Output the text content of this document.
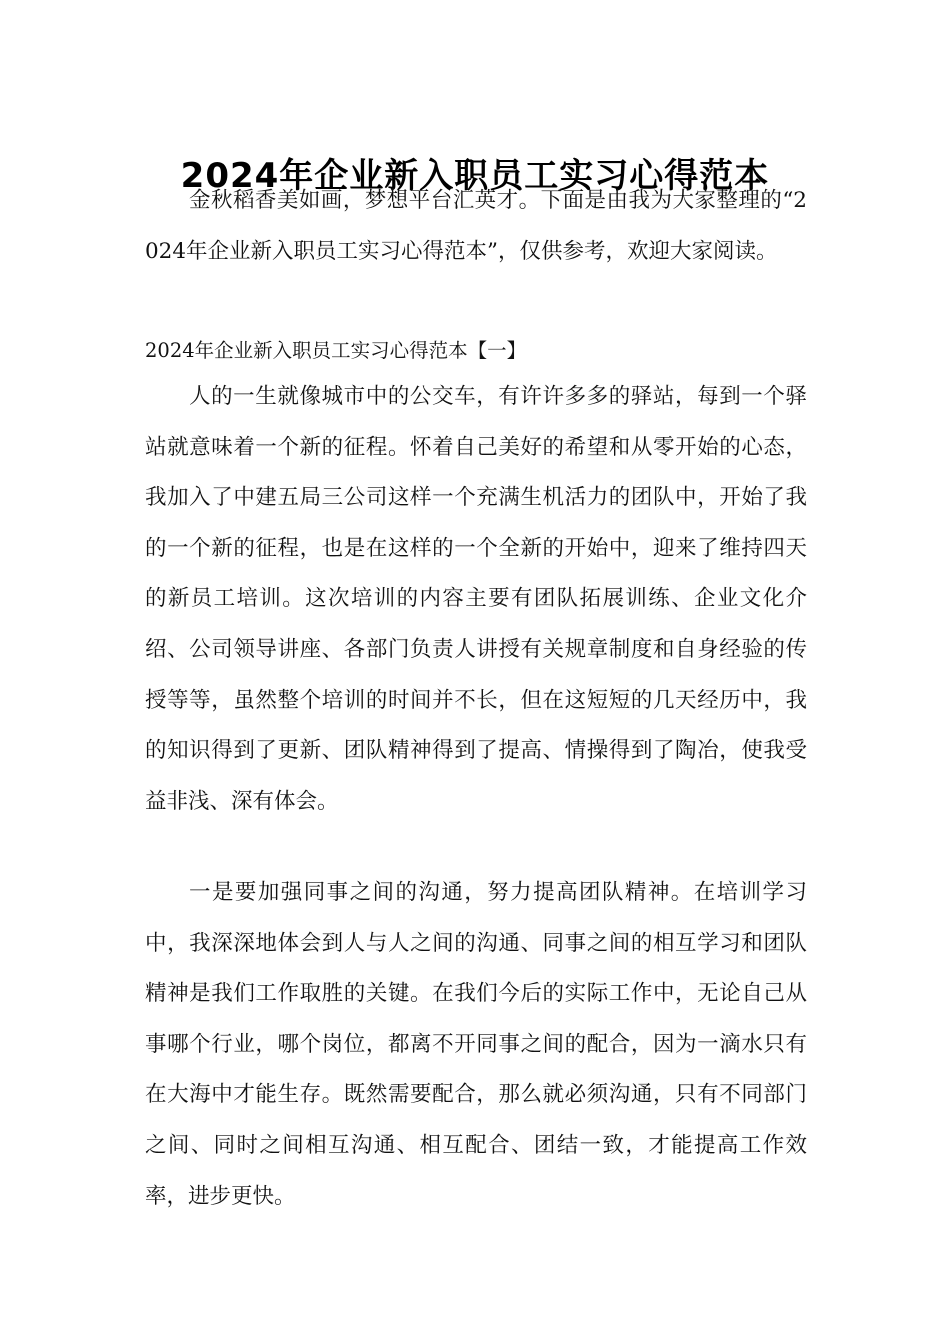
2024年企业新入职员工实习心得范本

金秋稻香美如画，梦想平台汇英才。下面是由我为大家整理的“2024年企业新入职员工实习心得范本”，仅供参考，欢迎大家阅读。

2024年企业新入职员工实习心得范本【一】

人的一生就像城市中的公交车，有许许多多的驿站，每到一个驿站就意味着一个新的征程。怀着自己美好的希望和从零开始的心态，我加入了中建五局三公司这样一个充满生机活力的团队中，开始了我的一个新的征程，也是在这样的一个全新的开始中，迎来了维持四天的新员工培训。这次培训的内容主要有团队拓展训练、企业文化介绍、公司领导讲座、各部门负责人讲授有关规章制度和自身经验的传授等等，虽然整个培训的时间并不长，但在这短短的几天经历中，我的知识得到了更新、团队精神得到了提高、情操得到了陶冶，使我受益非浅、深有体会。

一是要加强同事之间的沟通，努力提高团队精神。在培训学习中，我深深地体会到人与人之间的沟通、同事之间的相互学习和团队精神是我们工作取胜的关键。在我们今后的实际工作中，无论自己从事哪个行业，哪个岗位，都离不开同事之间的配合，因为一滴水只有在大海中才能生存。既然需要配合，那么就必须沟通，只有不同部门之间、同时之间相互沟通、相互配合、团结一致，才能提高工作效率，进步更快。
